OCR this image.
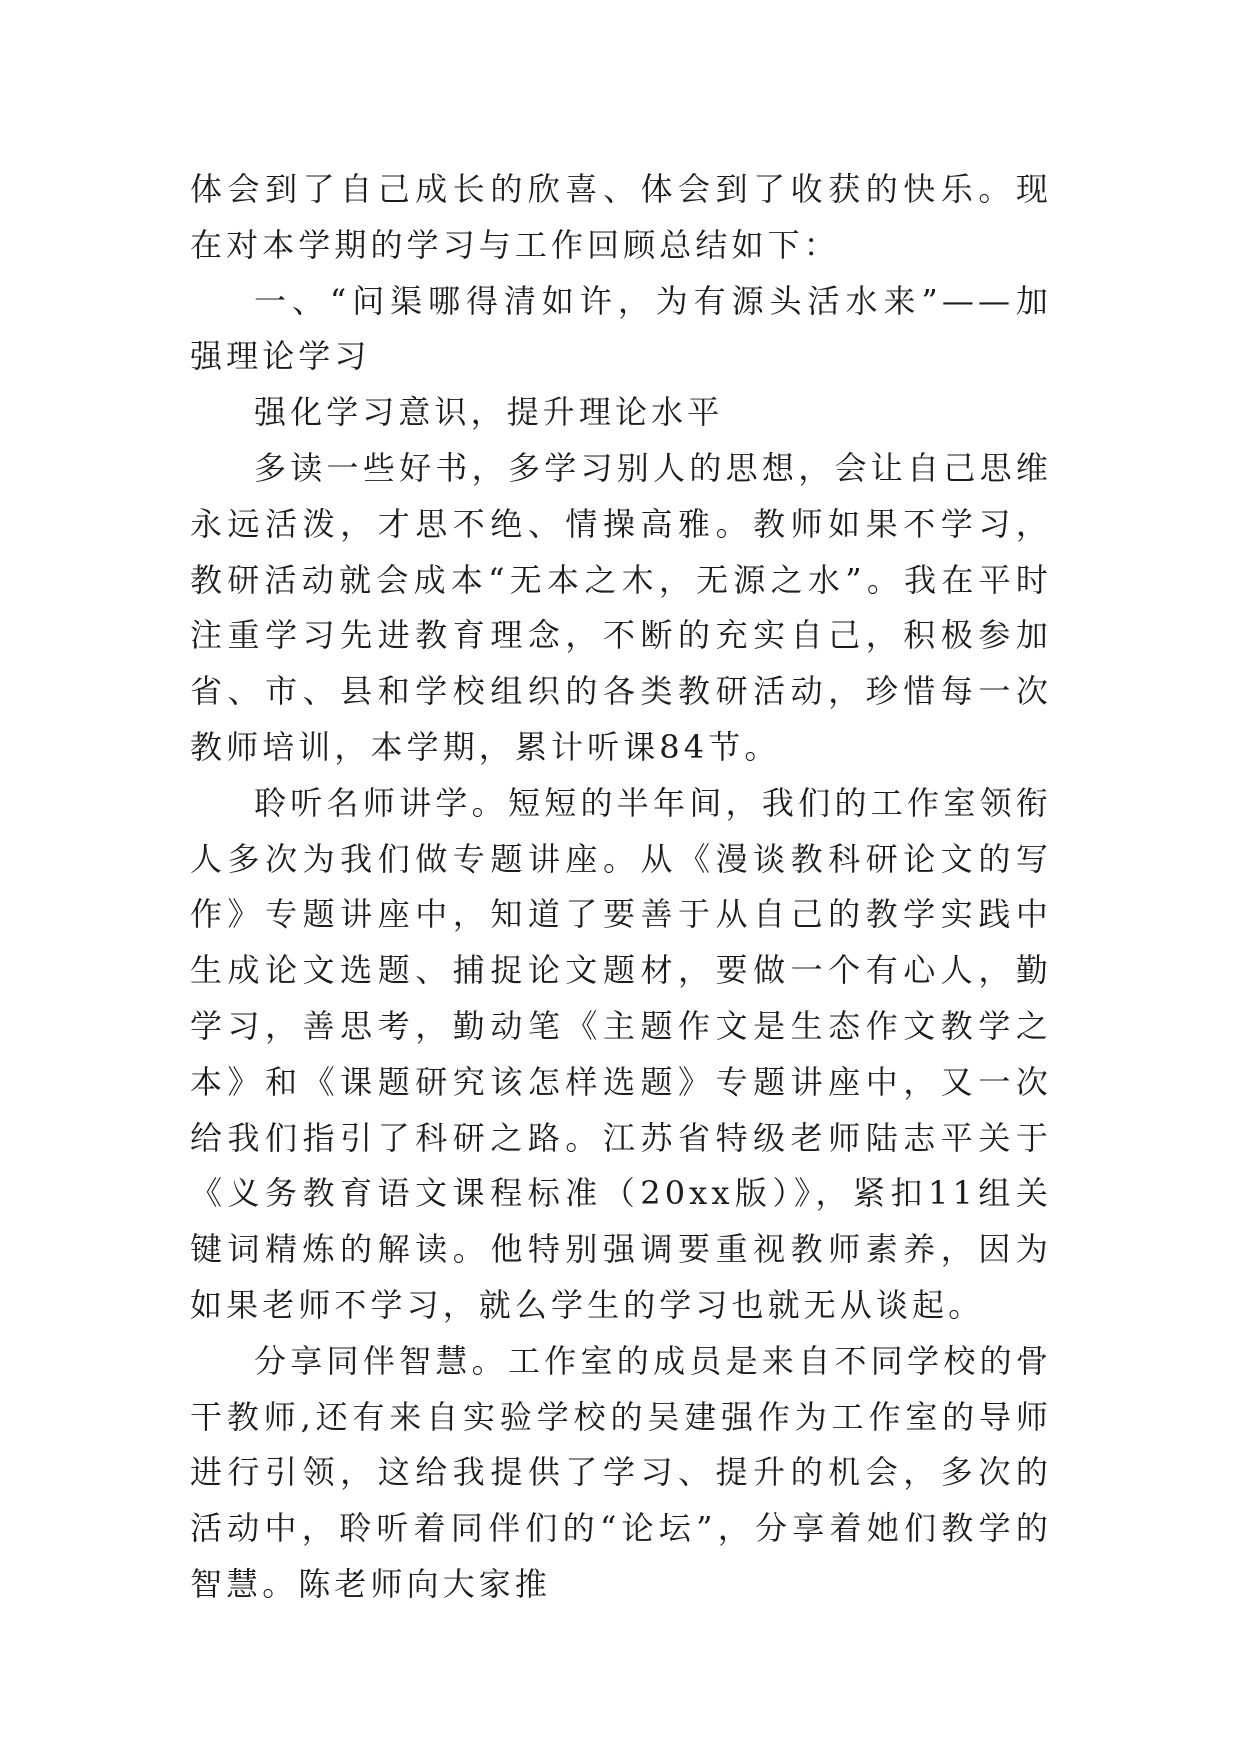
体会到了自己成长的欣喜、体会到了收获的快乐。现在对本学期的学习与工作回顾总结如下：

一、“问渠哪得清如许，为有源头活水来”——加强理论学习

强化学习意识，提升理论水平

多读一些好书，多学习别人的思想，会让自己思维永远活泼，才思不绝、情操高雅。教师如果不学习，教研活动就会成本“无本之木，无源之水”。我在平时注重学习先进教育理念，不断的充实自己，积极参加省、市、县和学校组织的各类教研活动，珍惜每一次教师培训，本学期，累计听课84节。

聆听名师讲学。短短的半年间，我们的工作室领衔人多次为我们做专题讲座。从《漫谈教科研论文的写作》专题讲座中，知道了要善于从自己的教学实践中生成论文选题、捕捉论文题材，要做一个有心人，勤学习，善思考，勤动笔《主题作文是生态作文教学之本》和《课题研究该怎样选题》专题讲座中，又一次给我们指引了科研之路。江苏省特级老师陆志平关于《义务教育语文课程标准（20xx版）》，紧扣11组关键词精炼的解读。他特别强调要重视教师素养，因为如果老师不学习，就么学生的学习也就无从谈起。

分享同伴智慧。工作室的成员是来自不同学校的骨干教师,还有来自实验学校的吴建强作为工作室的导师进行引领，这给我提供了学习、提升的机会，多次的活动中，聆听着同伴们的“论坛”，分享着她们教学的智慧。陈老师向大家推
